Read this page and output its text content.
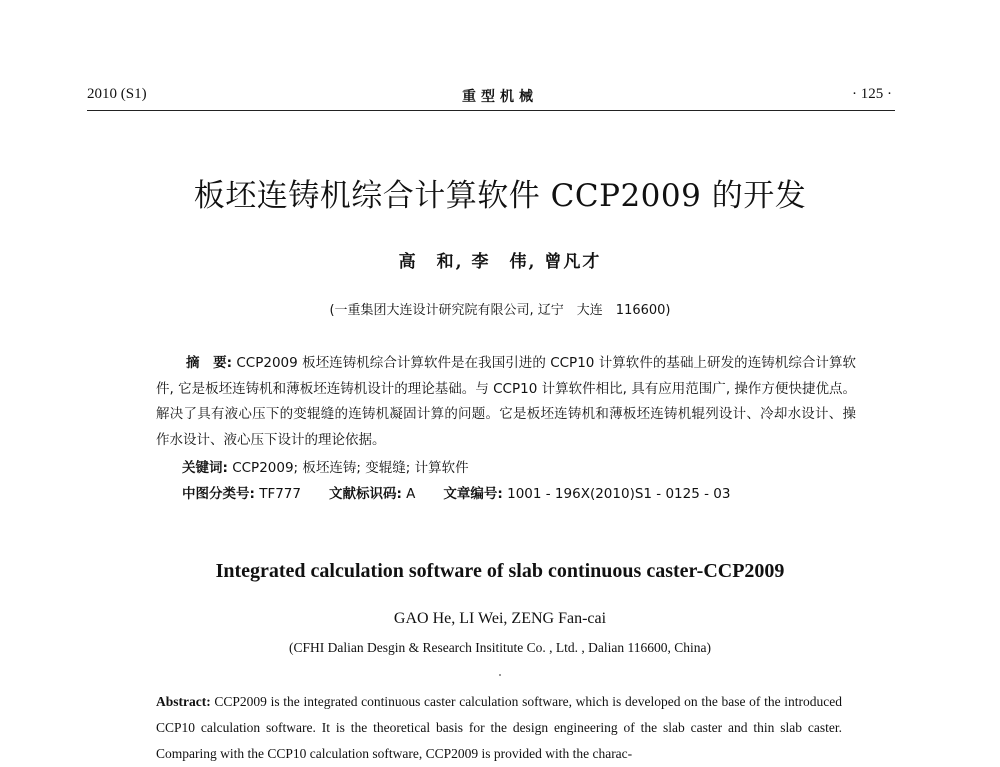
2010 (S1)	重型机械	· 125 ·
板坯连铸机综合计算软件 CCP2009 的开发
高　和, 李　伟, 曾凡才
(一重集团大连设计研究院有限公司, 辽宁　大连　116600)
摘　要: CCP2009 板坯连铸机综合计算软件是在我国引进的 CCP10 计算软件的基础上研发的连铸机综合计算软件, 它是板坯连铸机和薄板坯连铸机设计的理论基础。与 CCP10 计算软件相比, 具有应用范围广, 操作方便快捷优点。解决了具有液心压下的变辊缝的连铸机凝固计算的问题。它是板坯连铸机和薄板坯连铸机辊列设计、冷却水设计、操作水设计、液心压下设计的理论依据。
关键词: CCP2009; 板坯连铸; 变辊缝; 计算软件
中图分类号: TF777 文献标识码: A 文章编号: 1001 - 196X(2010)S1 - 0125 - 03
Integrated calculation software of slab continuous caster-CCP2009
GAO He, LI Wei, ZENG Fan-cai
(CFHI Dalian Desgin & Research Insititute Co. , Ltd. , Dalian 116600, China)
Abstract: CCP2009 is the integrated continuous caster calculation software, which is developed on the base of the introduced CCP10 calculation software. It is the theoretical basis for the design engineering of the slab caster and thin slab caster. Comparing with the CCP10 calculation software, CCP2009 is provided with the charac-
